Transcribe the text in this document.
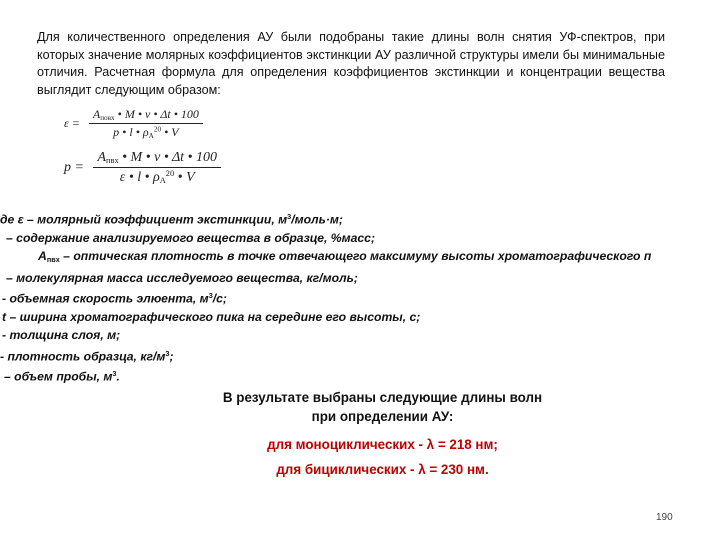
Для количественного определения АУ были подобраны такие длины волн снятия УФ-спектров, при которых значение молярных коэффициентов экстинкции АУ различной структуры имели бы минимальные отличия. Расчетная формула для определения коэффициентов экстинкции и концентрации вещества выглядит следующим образом:

$\varepsilon = \frac{A_{повх} • M • \nu • \Delta t • 100}{p • l • \rho_A^{20} • V}$
$p = \frac{A_{пвх} • M • \nu • \Delta t • 100}{\varepsilon • l • \rho_A^{20} • V}$
де ε – молярный коэффициент экстинкции, $м^3/моль\cdot м$;
– содержание анализируемого вещества в образце, %масс;
$A_{пвх}$ – оптическая плотность в точке отвечающего максимуму высоты хроматографического п
– молекулярная масса исследуемого вещества, кг/моль;
- объемная скорость элюента, $м^3/с$;
t – ширина хроматографического пика на середине его высоты, с;
- толщина слоя, м;
- плотность образца, $кг/м^3$;
– объем пробы, $м^3$.
В результате выбраны следующие длины волн при определении АУ:
для моноциклических - λ = 218 нм;
для бициклических - λ = 230 нм.
190
